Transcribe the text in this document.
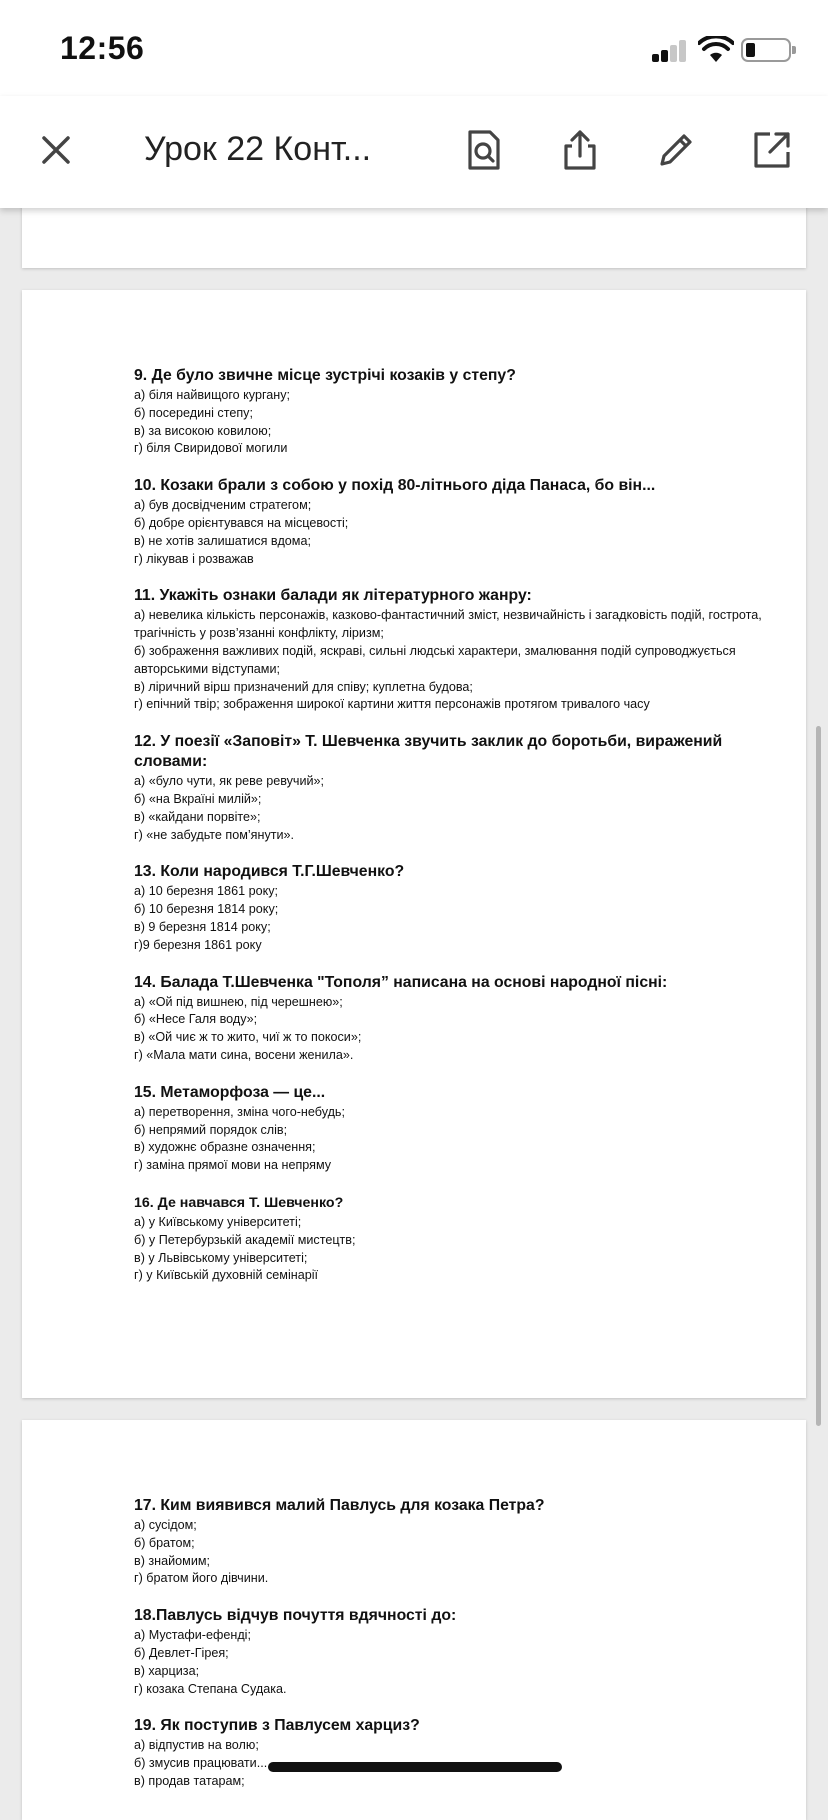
12:56
Урок 22 Конт...

9. Де було звичне місце зустрічі козаків у степу?

а) біля найвищого кургану;

б) посередині степу;

в) за високою ковилою;

г) біля Свиридової могили

10. Козаки брали з собою у похід 80-літнього діда Панаса, бо він...

а) був досвідченим стратегом;

б) добре орієнтувався на місцевості;

в) не хотів залишатися вдома;

г) лікував і розважав

11. Укажіть ознаки балади як літературного жанру:

а) невелика кількість персонажів, казково-фантастичний зміст, незвичайність і загадковість подій, гострота, трагічність у розв’язанні конфлікту, ліризм;

б) зображення важливих подій, яскраві, сильні людські характери, змалювання подій супроводжується авторськими відступами;

в) ліричний вірш призначений для співу; куплетна будова;

г) епічний твір; зображення широкої картини життя персонажів протягом тривалого часу

12. У поезії «Заповіт» Т. Шевченка звучить заклик до боротьби, виражений словами:

а) «було чути, як реве ревучий»;

б) «на Вкраїні милій»;

в) «кайдани порвіте»;

г) «не забудьте пом’янути».

13. Коли народився Т.Г.Шевченко?

а) 10 березня 1861 року;

б) 10 березня 1814 року;

в) 9 березня 1814 року;

г)9 березня 1861 року

14. Балада Т.Шевченка "Тополя” написана на основі народної пісні:

а) «Ой під вишнею, під черешнею»;

б) «Несе Галя воду»;

в) «Ой чиє ж то жито, чиї ж то покоси»;

г) «Мала мати сина, восени женила».

15. Метаморфоза — це...

а) перетворення, зміна чого-небудь;

б) непрямий порядок слів;

в) художнє образне означення;

г) заміна прямої мови на непряму

16. Де навчався Т. Шевченко?

а) у Київському університеті;

б) у Петербурзькій академії мистецтв;

в) у Львівському університеті;

г) у Київській духовній семінарії

17. Ким виявився малий Павлусь для козака Петра?

а) сусідом;

б) братом;

в) знайомим;

г) братом його дівчини.

18.Павлусь відчув почуття вдячності до:

а) Мустафи-ефенді;

б) Девлет-Гірея;

в) харциза;

г) козака Степана Судака.

19. Як поступив з Павлусем харциз?

а) відпустив на волю;

б) змусив працювати...

в) продав татарам;
